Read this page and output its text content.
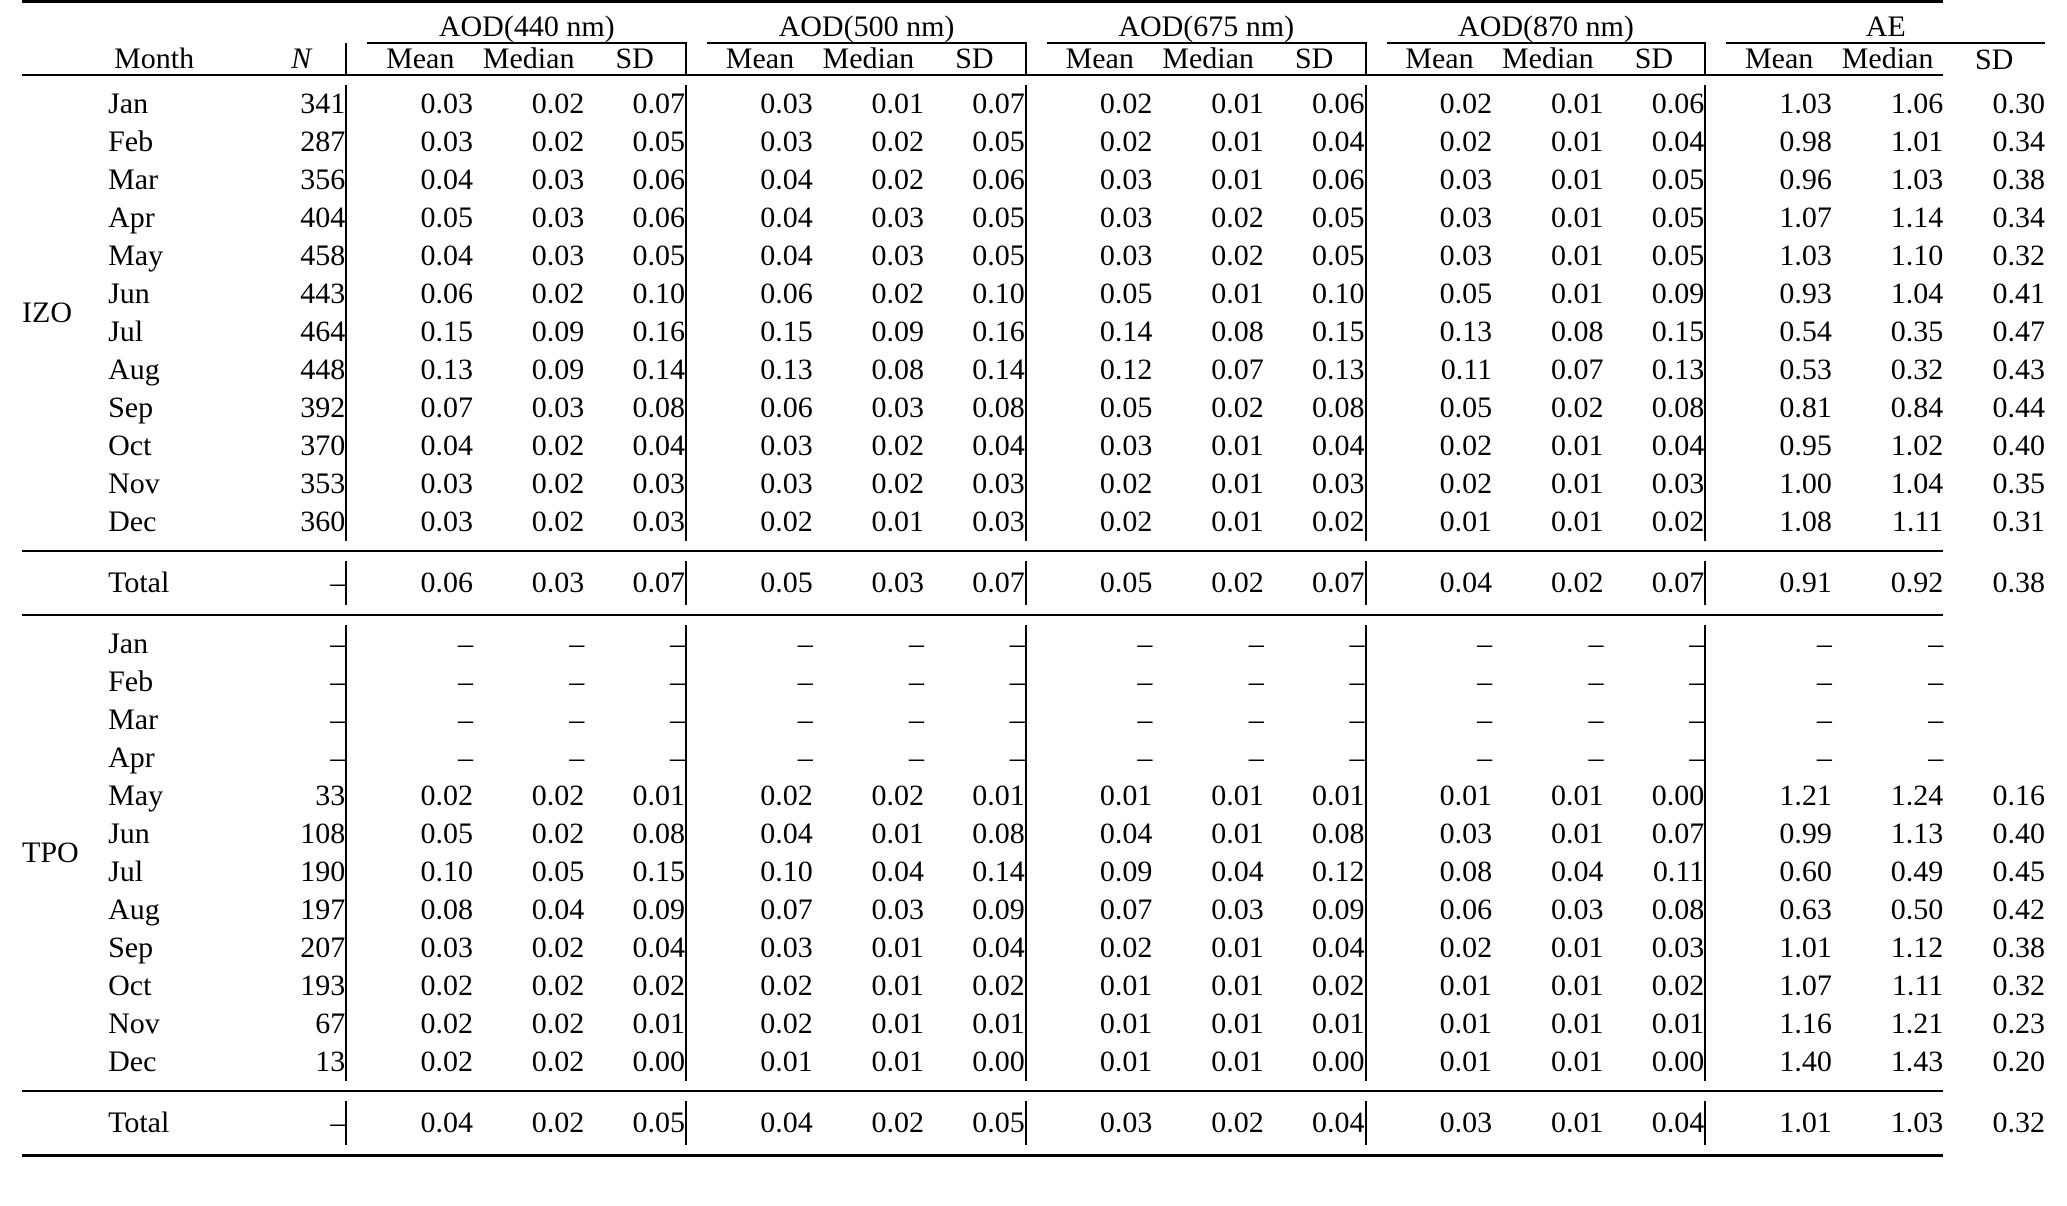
				AOD(440 nm)				AOD(500 nm)				AOD(675 nm)				AOD(870 nm)				AE		
	Month	N		Mean	Median	SD		Mean	Median	SD		Mean	Median	SD		Mean	Median	SD		Mean	Median	SD

IZO	Jan	341		0.03	0.02	0.07		0.03	0.01	0.07		0.02	0.01	0.06		0.02	0.01	0.06		1.03	1.06	0.30
	Feb	287		0.03	0.02	0.05		0.03	0.02	0.05		0.02	0.01	0.04		0.02	0.01	0.04		0.98	1.01	0.34
	Mar	356		0.04	0.03	0.06		0.04	0.02	0.06		0.03	0.01	0.06		0.03	0.01	0.05		0.96	1.03	0.38
	Apr	404		0.05	0.03	0.06		0.04	0.03	0.05		0.03	0.02	0.05		0.03	0.01	0.05		1.07	1.14	0.34
	May	458		0.04	0.03	0.05		0.04	0.03	0.05		0.03	0.02	0.05		0.03	0.01	0.05		1.03	1.10	0.32
	Jun	443		0.06	0.02	0.10		0.06	0.02	0.10		0.05	0.01	0.10		0.05	0.01	0.09		0.93	1.04	0.41
	Jul	464		0.15	0.09	0.16		0.15	0.09	0.16		0.14	0.08	0.15		0.13	0.08	0.15		0.54	0.35	0.47
	Aug	448		0.13	0.09	0.14		0.13	0.08	0.14		0.12	0.07	0.13		0.11	0.07	0.13		0.53	0.32	0.43
	Sep	392		0.07	0.03	0.08		0.06	0.03	0.08		0.05	0.02	0.08		0.05	0.02	0.08		0.81	0.84	0.44
	Oct	370		0.04	0.02	0.04		0.03	0.02	0.04		0.03	0.01	0.04		0.02	0.01	0.04		0.95	1.02	0.40
	Nov	353		0.03	0.02	0.03		0.03	0.02	0.03		0.02	0.01	0.03		0.02	0.01	0.03		1.00	1.04	0.35
	Dec	360		0.03	0.02	0.03		0.02	0.01	0.03		0.02	0.01	0.02		0.01	0.01	0.02		1.08	1.11	0.31

	Total	–		0.06	0.03	0.07		0.05	0.03	0.07		0.05	0.02	0.07		0.04	0.02	0.07		0.91	0.92	0.38

TPO	Jan	–		–	–	–		–	–	–		–	–	–		–	–	–		–	–	
	Feb	–		–	–	–		–	–	–		–	–	–		–	–	–		–	–	
	Mar	–		–	–	–		–	–	–		–	–	–		–	–	–		–	–	
	Apr	–		–	–	–		–	–	–		–	–	–		–	–	–		–	–	
	May	33		0.02	0.02	0.01		0.02	0.02	0.01		0.01	0.01	0.01		0.01	0.01	0.00		1.21	1.24	0.16
	Jun	108		0.05	0.02	0.08		0.04	0.01	0.08		0.04	0.01	0.08		0.03	0.01	0.07		0.99	1.13	0.40
	Jul	190		0.10	0.05	0.15		0.10	0.04	0.14		0.09	0.04	0.12		0.08	0.04	0.11		0.60	0.49	0.45
	Aug	197		0.08	0.04	0.09		0.07	0.03	0.09		0.07	0.03	0.09		0.06	0.03	0.08		0.63	0.50	0.42
	Sep	207		0.03	0.02	0.04		0.03	0.01	0.04		0.02	0.01	0.04		0.02	0.01	0.03		1.01	1.12	0.38
	Oct	193		0.02	0.02	0.02		0.02	0.01	0.02		0.01	0.01	0.02		0.01	0.01	0.02		1.07	1.11	0.32
	Nov	67		0.02	0.02	0.01		0.02	0.01	0.01		0.01	0.01	0.01		0.01	0.01	0.01		1.16	1.21	0.23
	Dec	13		0.02	0.02	0.00		0.01	0.01	0.00		0.01	0.01	0.00		0.01	0.01	0.00		1.40	1.43	0.20

	Total	–		0.04	0.02	0.05		0.04	0.02	0.05		0.03	0.02	0.04		0.03	0.01	0.04		1.01	1.03	0.32
